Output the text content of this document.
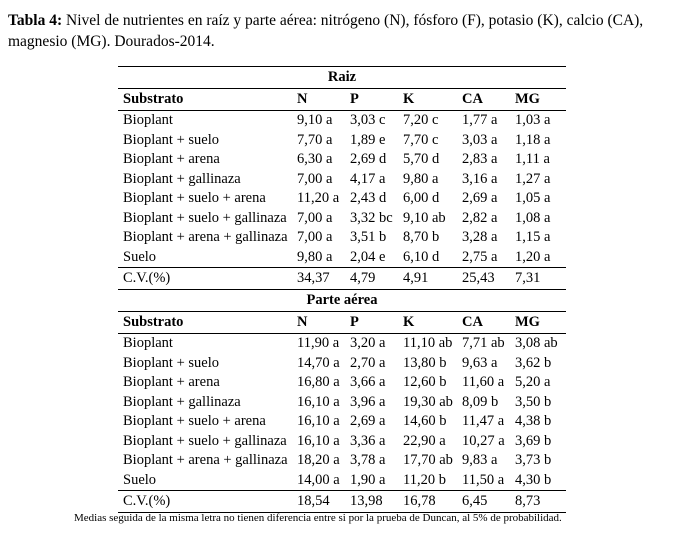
Tabla 4: Nivel de nutrientes en raíz y parte aérea: nitrógeno (N), fósforo (F), potasio (K), calcio (CA), magnesio (MG). Dourados-2014.
Raiz					
Substrato	N	P	K	CA	MG
Bioplant	9,10 a	3,03 c	7,20 c	1,77 a	1,03 a
Bioplant + suelo	7,70 a	1,89 e	7,70 c	3,03 a	1,18 a
Bioplant + arena	6,30 a	2,69 d	5,70 d	2,83 a	1,11 a
Bioplant + gallinaza	7,00 a	4,17 a	9,80 a	3,16 a	1,27 a
Bioplant + suelo + arena	11,20 a	2,43 d	6,00 d	2,69 a	1,05 a
Bioplant + suelo + gallinaza	7,00 a	3,32 bc	9,10 ab	2,82 a	1,08 a
Bioplant + arena + gallinaza	7,00 a	3,51 b	8,70 b	3,28 a	1,15 a
Suelo	9,80 a	2,04 e	6,10 d	2,75 a	1,20 a
C.V.(%)	34,37	4,79	4,91	25,43	7,31
Parte aérea					
Substrato	N	P	K	CA	MG
Bioplant	11,90 a	3,20 a	11,10 ab	7,71 ab	3,08 ab
Bioplant + suelo	14,70 a	2,70 a	13,80 b	9,63 a	3,62 b
Bioplant + arena	16,80 a	3,66 a	12,60 b	11,60 a	5,20 a
Bioplant + gallinaza	16,10 a	3,96 a	19,30 ab	8,09 b	3,50 b
Bioplant + suelo + arena	16,10 a	2,69 a	14,60 b	11,47 a	4,38 b
Bioplant + suelo + gallinaza	16,10 a	3,36 a	22,90 a	10,27 a	3,69 b
Bioplant + arena + gallinaza	18,20 a	3,78 a	17,70 ab	9,83 a	3,73 b
Suelo	14,00 a	1,90 a	11,20 b	11,50 a	4,30 b
C.V.(%)	18,54	13,98	16,78	6,45	8,73
Medias seguida de la misma letra no tienen diferencia entre si por la prueba de Duncan, al 5% de probabilidad.
